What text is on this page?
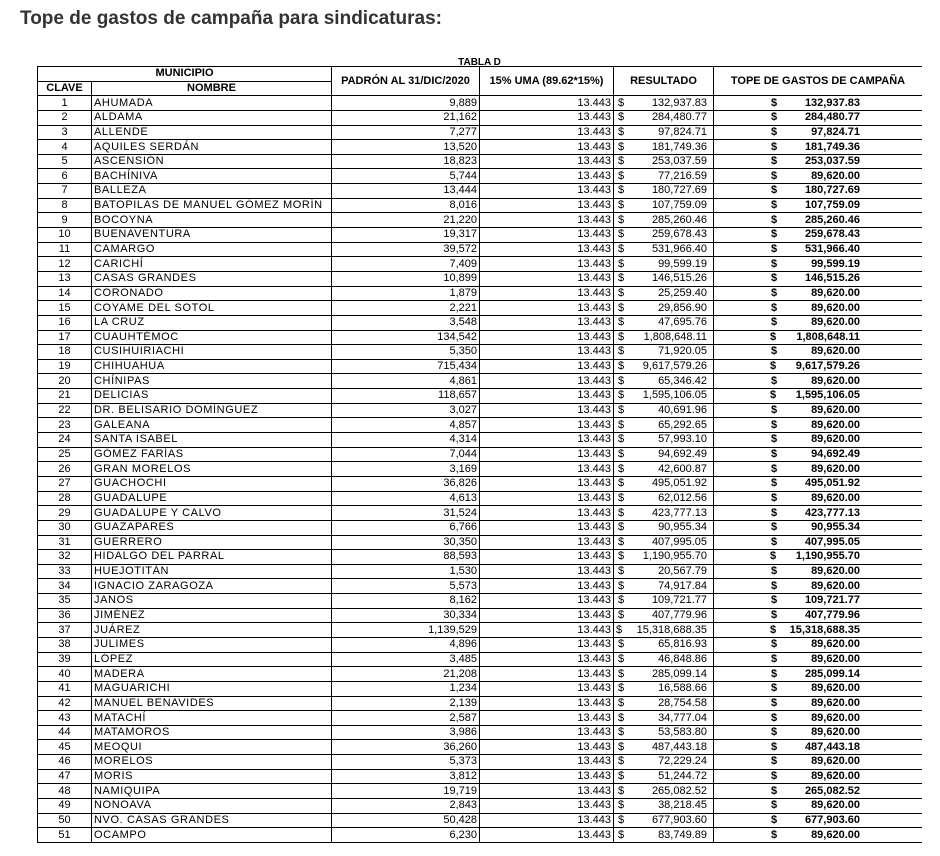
Tope de gastos de campaña para sindicaturas:
$^{TABLA D}$
MUNICIPIO		PADRÓN AL 31/DIC/2020	15% UMA (89.62*15%)	RESULTADO	TOPE DE GASTOS DE CAMPAÑA
CLAVE	NOMBRE				
1	AHUMADA	9,889	13.443	$ 132,937.83	$ 132,937.83

2	ALDAMA	21,162	13.443	$ 284,480.77	$ 284,480.77

3	ALLENDE	7,277	13.443	$ 97,824.71	$ 97,824.71

4	AQUILES SERDÁN	13,520	13.443	$ 181,749.36	$ 181,749.36

5	ASCENSIÓN	18,823	13.443	$ 253,037.59	$ 253,037.59

6	BACHÍNIVA	5,744	13.443	$ 77,216.59	$ 89,620.00

7	BALLEZA	13,444	13.443	$ 180,727.69	$ 180,727.69

8	BATOPILAS DE MANUEL GÓMEZ MORÍN	8,016	13.443	$ 107,759.09	$ 107,759.09

9	BOCOYNA	21,220	13.443	$ 285,260.46	$ 285,260.46

10	BUENAVENTURA	19,317	13.443	$ 259,678.43	$ 259,678.43

11	CAMARGO	39,572	13.443	$ 531,966.40	$ 531,966.40

12	CARICHÍ	7,409	13.443	$ 99,599.19	$ 99,599.19

13	CASAS GRANDES	10,899	13.443	$ 146,515.26	$ 146,515.26

14	CORONADO	1,879	13.443	$ 25,259.40	$ 89,620.00

15	COYAME DEL SOTOL	2,221	13.443	$ 29,856.90	$ 89,620.00

16	LA CRUZ	3,548	13.443	$ 47,695.76	$ 89,620.00

17	CUAUHTÉMOC	134,542	13.443	$ 1,808,648.11	$ 1,808,648.11

18	CUSIHUIRIACHI	5,350	13.443	$ 71,920.05	$ 89,620.00

19	CHIHUAHUA	715,434	13.443	$ 9,617,579.26	$ 9,617,579.26

20	CHÍNIPAS	4,861	13.443	$ 65,346.42	$ 89,620.00

21	DELICIAS	118,657	13.443	$ 1,595,106.05	$ 1,595,106.05

22	DR. BELISARIO DOMÍNGUEZ	3,027	13.443	$ 40,691.96	$ 89,620.00

23	GALEANA	4,857	13.443	$ 65,292.65	$ 89,620.00

24	SANTA ISABEL	4,314	13.443	$ 57,993.10	$ 89,620.00

25	GÓMEZ FARÍAS	7,044	13.443	$ 94,692.49	$ 94,692.49

26	GRAN MORELOS	3,169	13.443	$ 42,600.87	$ 89,620.00

27	GUACHOCHI	36,826	13.443	$ 495,051.92	$ 495,051.92

28	GUADALUPE	4,613	13.443	$ 62,012.56	$ 89,620.00

29	GUADALUPE Y CALVO	31,524	13.443	$ 423,777.13	$ 423,777.13

30	GUAZAPARES	6,766	13.443	$ 90,955.34	$ 90,955.34

31	GUERRERO	30,350	13.443	$ 407,995.05	$ 407,995.05

32	HIDALGO DEL PARRAL	88,593	13.443	$ 1,190,955.70	$ 1,190,955.70

33	HUEJOTITÁN	1,530	13.443	$ 20,567.79	$ 89,620.00

34	IGNACIO ZARAGOZA	5,573	13.443	$ 74,917.84	$ 89,620.00

35	JANOS	8,162	13.443	$ 109,721.77	$ 109,721.77

36	JIMÉNEZ	30,334	13.443	$ 407,779.96	$ 407,779.96

37	JUÁREZ	1,139,529	13.443	$ 15,318,688.35	$ 15,318,688.35

38	JULIMES	4,896	13.443	$ 65,816.93	$ 89,620.00

39	LÓPEZ	3,485	13.443	$ 46,848.86	$ 89,620.00

40	MADERA	21,208	13.443	$ 285,099.14	$ 285,099.14

41	MAGUARICHI	1,234	13.443	$ 16,588.66	$ 89,620.00

42	MANUEL BENAVIDES	2,139	13.443	$ 28,754.58	$ 89,620.00

43	MATACHÍ	2,587	13.443	$ 34,777.04	$ 89,620.00

44	MATAMOROS	3,986	13.443	$ 53,583.80	$ 89,620.00

45	MEOQUI	36,260	13.443	$ 487,443.18	$ 487,443.18

46	MORELOS	5,373	13.443	$ 72,229.24	$ 89,620.00

47	MORIS	3,812	13.443	$ 51,244.72	$ 89,620.00

48	NAMIQUIPA	19,719	13.443	$ 265,082.52	$ 265,082.52

49	NONOAVA	2,843	13.443	$ 38,218.45	$ 89,620.00

50	NVO. CASAS GRANDES	50,428	13.443	$ 677,903.60	$ 677,903.60

51	OCAMPO	6,230	13.443	$ 83,749.89	$ 89,620.00
